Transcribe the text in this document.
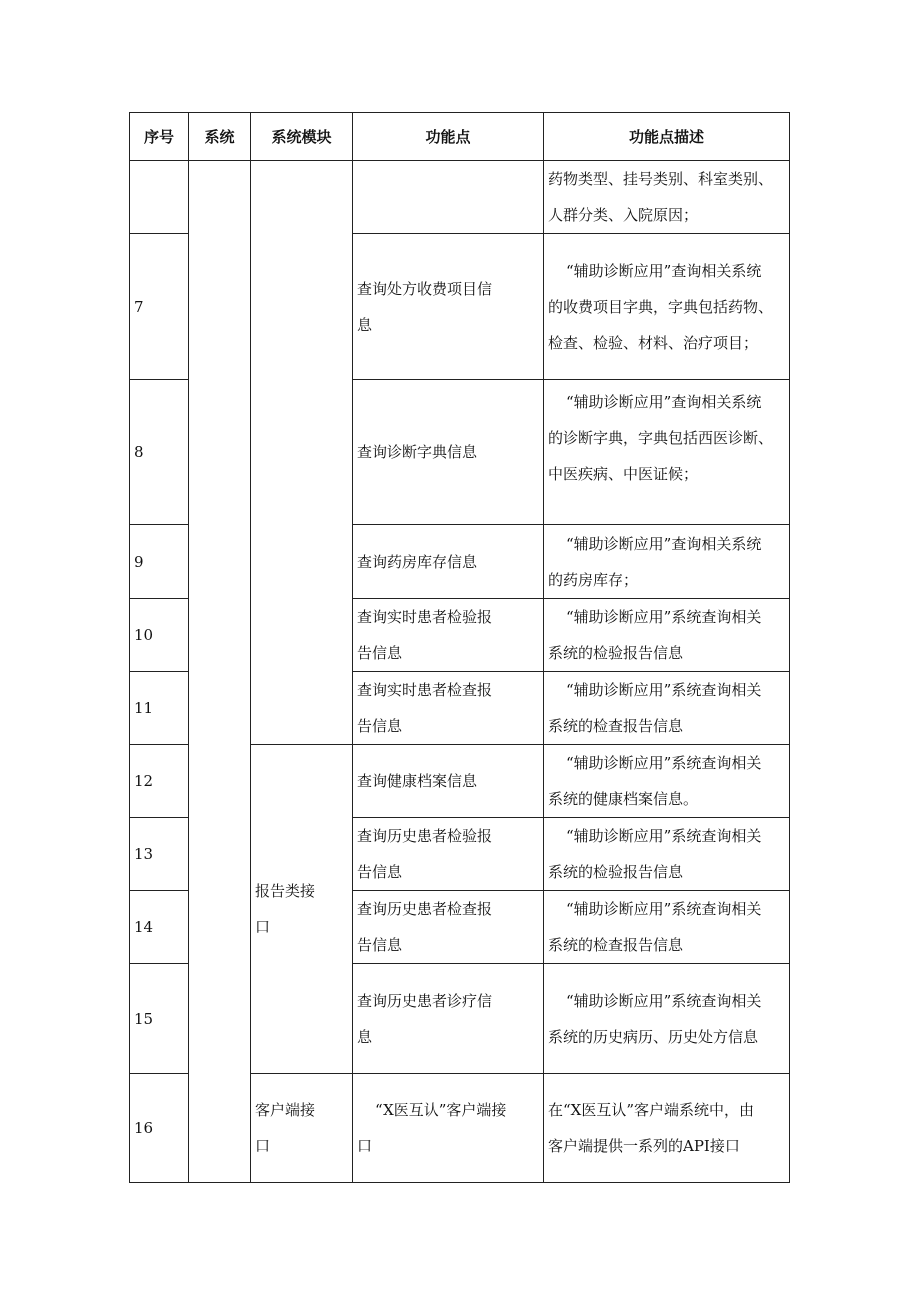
序号	系统	系统模块	功能点	功能点描述

				药物类型、挂号类别、科室类别、
人群分类、入院原因；

7			查询处方收费项目信
息	“辅助诊断应用”查询相关系统
的收费项目字典，字典包括药物、
检查、检验、材料、治疗项目；

8			查询诊断字典信息	“辅助诊断应用”查询相关系统
的诊断字典，字典包括西医诊断、
中医疾病、中医证候；

9			查询药房库存信息	“辅助诊断应用”查询相关系统
的药房库存；

10			查询实时患者检验报
告信息	“辅助诊断应用”系统查询相关
系统的检验报告信息

11			查询实时患者检查报
告信息	“辅助诊断应用”系统查询相关
系统的检查报告信息

12		报告类接
口	查询健康档案信息	“辅助诊断应用”系统查询相关
系统的健康档案信息。

13			查询历史患者检验报
告信息	“辅助诊断应用”系统查询相关
系统的检验报告信息

14			查询历史患者检查报
告信息	“辅助诊断应用”系统查询相关
系统的检查报告信息

15			查询历史患者诊疗信
息	“辅助诊断应用”系统查询相关
系统的历史病历、历史处方信息

16		客户端接
口	“X医互认”客户端接
口	在“X医互认”客户端系统中，由
客户端提供一系列的API接口
